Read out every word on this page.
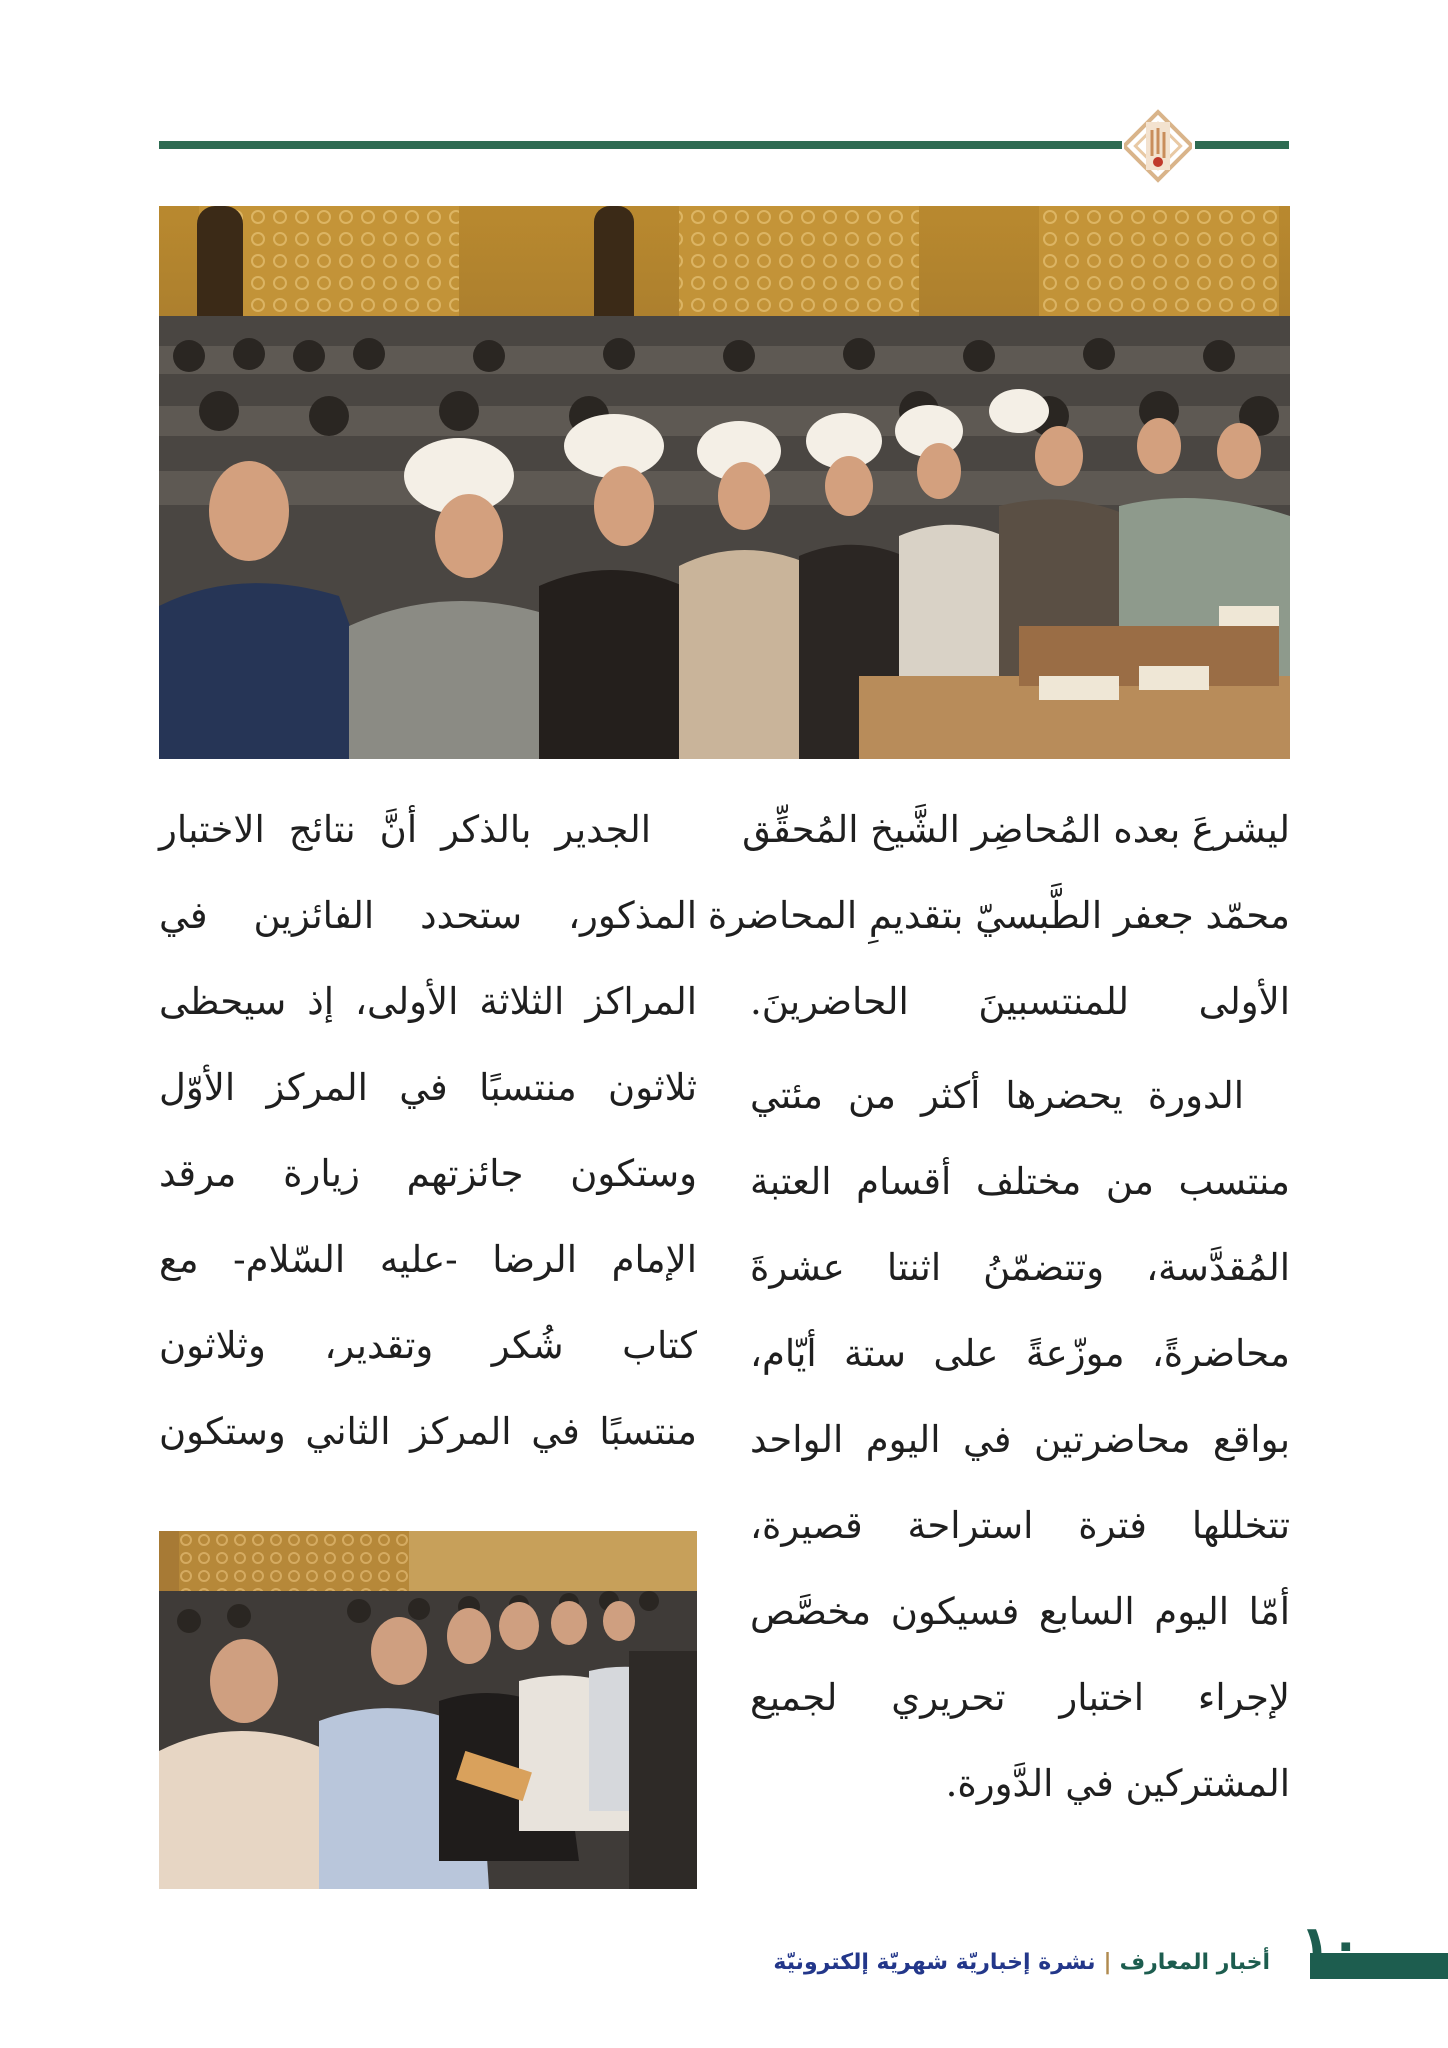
ليشرعَ بعده المُحاضِر الشَّيخ المُحقِّق
محمّد جعفر الطَّبسيّ بتقديمِ المحاضرة
الأولى للمنتسبينَ الحاضرينَ.
الدورة يحضرها أكثر من مئتي
منتسب من مختلف أقسام العتبة
المُقدَّسة، وتتضمّنُ اثنتا عشرةَ
محاضرةً، موزّعةً على ستة أيّام،
بواقع محاضرتين في اليوم الواحد
تتخللها فترة استراحة قصيرة،
أمّا اليوم السابع فسيكون مخصَّص
لإجراء اختبار تحريري لجميع
المشتركين في الدَّورة.
الجدير بالذكر أنَّ نتائج الاختبار
المذكور، ستحدد الفائزين في
المراكز الثلاثة الأولى، إذ سيحظى
ثلاثون منتسبًا في المركز الأوّل
وستكون جائزتهم زيارة مرقد
الإمام الرضا -عليه السّلام- مع
كتاب شُكر وتقدير، وثلاثون
منتسبًا في المركز الثاني وستكون
١٠
أخبار المعارف|نشرة إخباريّة شهريّة إلكترونيّة
